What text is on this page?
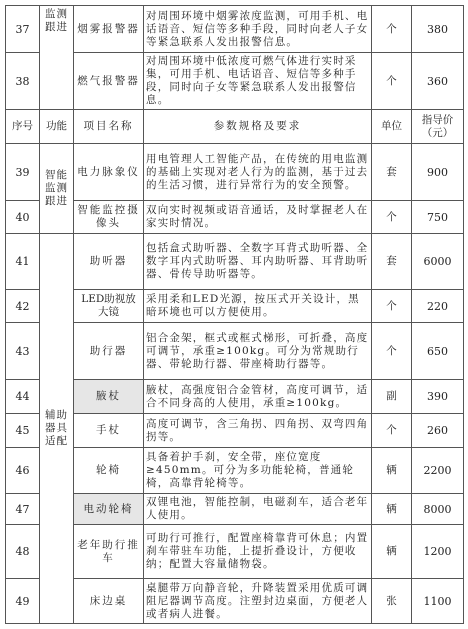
37	监测跟进	烟雾报警器	对周围环境中烟雾浓度监测，可用手机、电话语音、短信等多种手段，同时向老人子女等紧急联系人发出报警信息。	个	380
38		燃气报警器	对周围环境中低浓度可燃气体进行实时采集，可用手机、电话语音、短信等多种手段，同时向子女等紧急联系人发出报警信息。	个	360
序号	功能	项目名称	参数规格及要求	单位	指导价（元）
39	智能监测跟进	电力脉象仪	用电管理人工智能产品，在传统的用电监测的基础上实现对老人行为的监测，基于过去的生活习惯，进行异常行为的安全预警。	套	900
40		智能监控摄像头	双向实时视频或语音通话，及时掌握老人在家实时情况。	个	750
41	辅助器具适配	助听器	包括盒式助听器、全数字耳背式助听器、全数字耳内式助听器、耳内助听器、耳背助听器、骨传导助听器等。	套	6000
42		LED助视放大镜	采用柔和LED光源，按压式开关设计，黑暗环境也可以方便使用。	个	220
43		助行器	铝合金架，框式或框式梯形，可折叠，高度可调节，承重≥100kg。可分为常规助行器、带轮助行器、带座椅助行器等。	个	650
44		腋杖	腋杖，高强度铝合金管材，高度可调节，适合不同身高的人使用，承重≥100kg。	副	390
45		手杖	高度可调节，含三角拐、四角拐、双弯四角拐等。	个	260
46		轮椅	具备着护手刹，安全带，座位宽度≥450mm。可分为多功能轮椅，普通轮椅，高靠背轮椅等。	辆	2200
47		电动轮椅	双锂电池，智能控制，电磁刹车，适合老年人使用。	辆	8000
48		老年助行推车	可助行可推行，配置座椅靠背可休息；内置刹车带驻车功能，上提折叠设计，方便收纳；配置大容量储物袋。	辆	1200
49		床边桌	桌腿带万向静音轮，升降装置采用优质可调阻尼器调节高度。注塑封边桌面，方便老人或者病人进餐。	张	1100
